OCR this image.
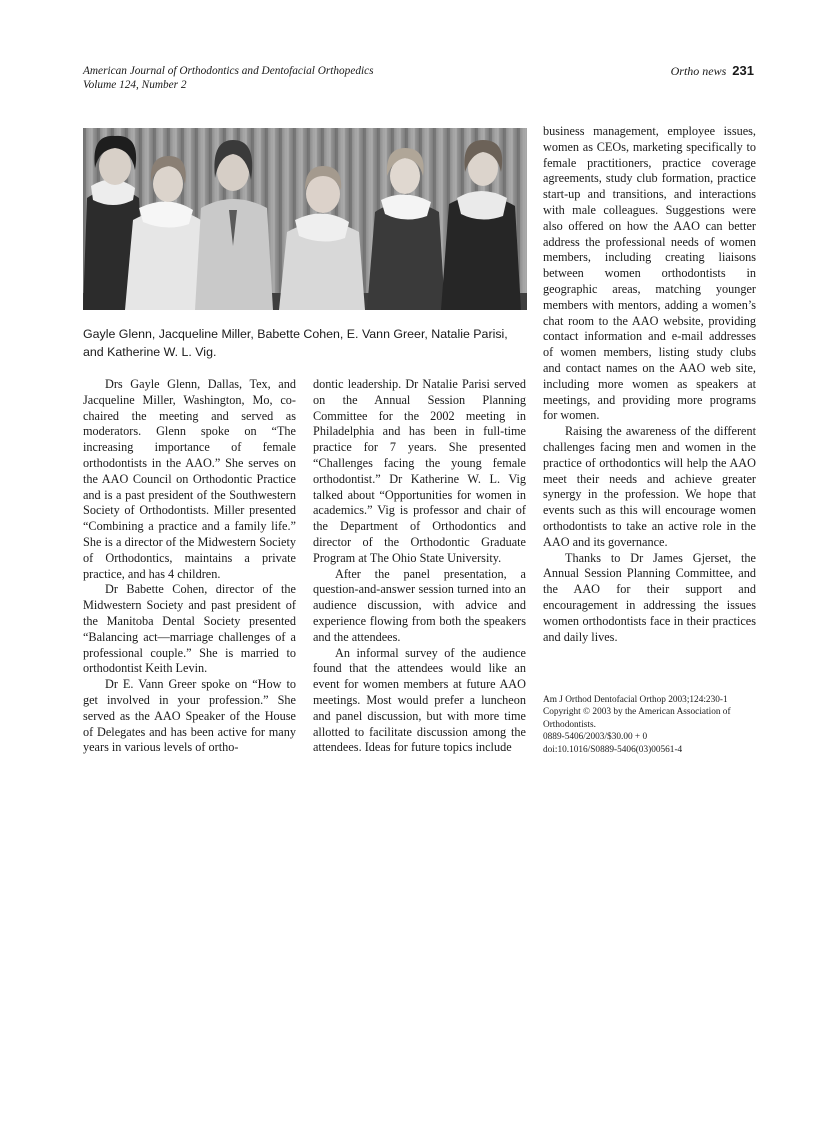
American Journal of Orthodontics and Dentofacial Orthopedics
Volume 124, Number 2
Ortho news 231
Gayle Glenn, Jacqueline Miller, Babette Cohen, E. Vann Greer, Natalie Parisi, and Katherine W. L. Vig.

Drs Gayle Glenn, Dallas, Tex, and Jacqueline Miller, Washington, Mo, co-chaired the meeting and served as moderators. Glenn spoke on “The increasing importance of female orthodontists in the AAO.” She serves on the AAO Council on Orthodontic Practice and is a past president of the Southwestern Society of Orthodontists. Miller presented “Combining a practice and a family life.” She is a director of the Midwestern Society of Orthodontics, maintains a private practice, and has 4 children.

Dr Babette Cohen, director of the Midwestern Society and past president of the Manitoba Dental Society presented “Balancing act—marriage challenges of a professional couple.” She is married to orthodontist Keith Levin.

Dr E. Vann Greer spoke on “How to get involved in your profession.” She served as the AAO Speaker of the House of Delegates and has been active for many years in various levels of ortho-

dontic leadership. Dr Natalie Parisi served on the Annual Session Planning Committee for the 2002 meeting in Philadelphia and has been in full-time practice for 7 years. She presented “Challenges facing the young female orthodontist.” Dr Katherine W. L. Vig talked about “Opportunities for women in academics.” Vig is professor and chair of the Department of Orthodontics and director of the Orthodontic Graduate Program at The Ohio State University.

After the panel presentation, a question-and-answer session turned into an audience discussion, with advice and experience flowing from both the speakers and the attendees.

An informal survey of the audience found that the attendees would like an event for women members at future AAO meetings. Most would prefer a luncheon and panel discussion, but with more time allotted to facilitate discussion among the attendees. Ideas for future topics include

business management, employee issues, women as CEOs, marketing specifically to female practitioners, practice coverage agreements, study club formation, practice start-up and transitions, and interactions with male colleagues. Suggestions were also offered on how the AAO can better address the professional needs of women members, including creating liaisons between women orthodontists in geographic areas, matching younger members with mentors, adding a women’s chat room to the AAO website, providing contact information and e-mail addresses of women members, listing study clubs and contact names on the AAO web site, including more women as speakers at meetings, and providing more programs for women.

Raising the awareness of the different challenges facing men and women in the practice of orthodontics will help the AAO meet their needs and achieve greater synergy in the profession. We hope that events such as this will encourage women orthodontists to take an active role in the AAO and its governance.

Thanks to Dr James Gjerset, the Annual Session Planning Committee, and the AAO for their support and encouragement in addressing the issues women orthodontists face in their practices and daily lives.

Am J Orthod Dentofacial Orthop 2003;124:230-1
Copyright © 2003 by the American Association of Orthodontists.
0889-5406/2003/$30.00 + 0
doi:10.1016/S0889-5406(03)00561-4
